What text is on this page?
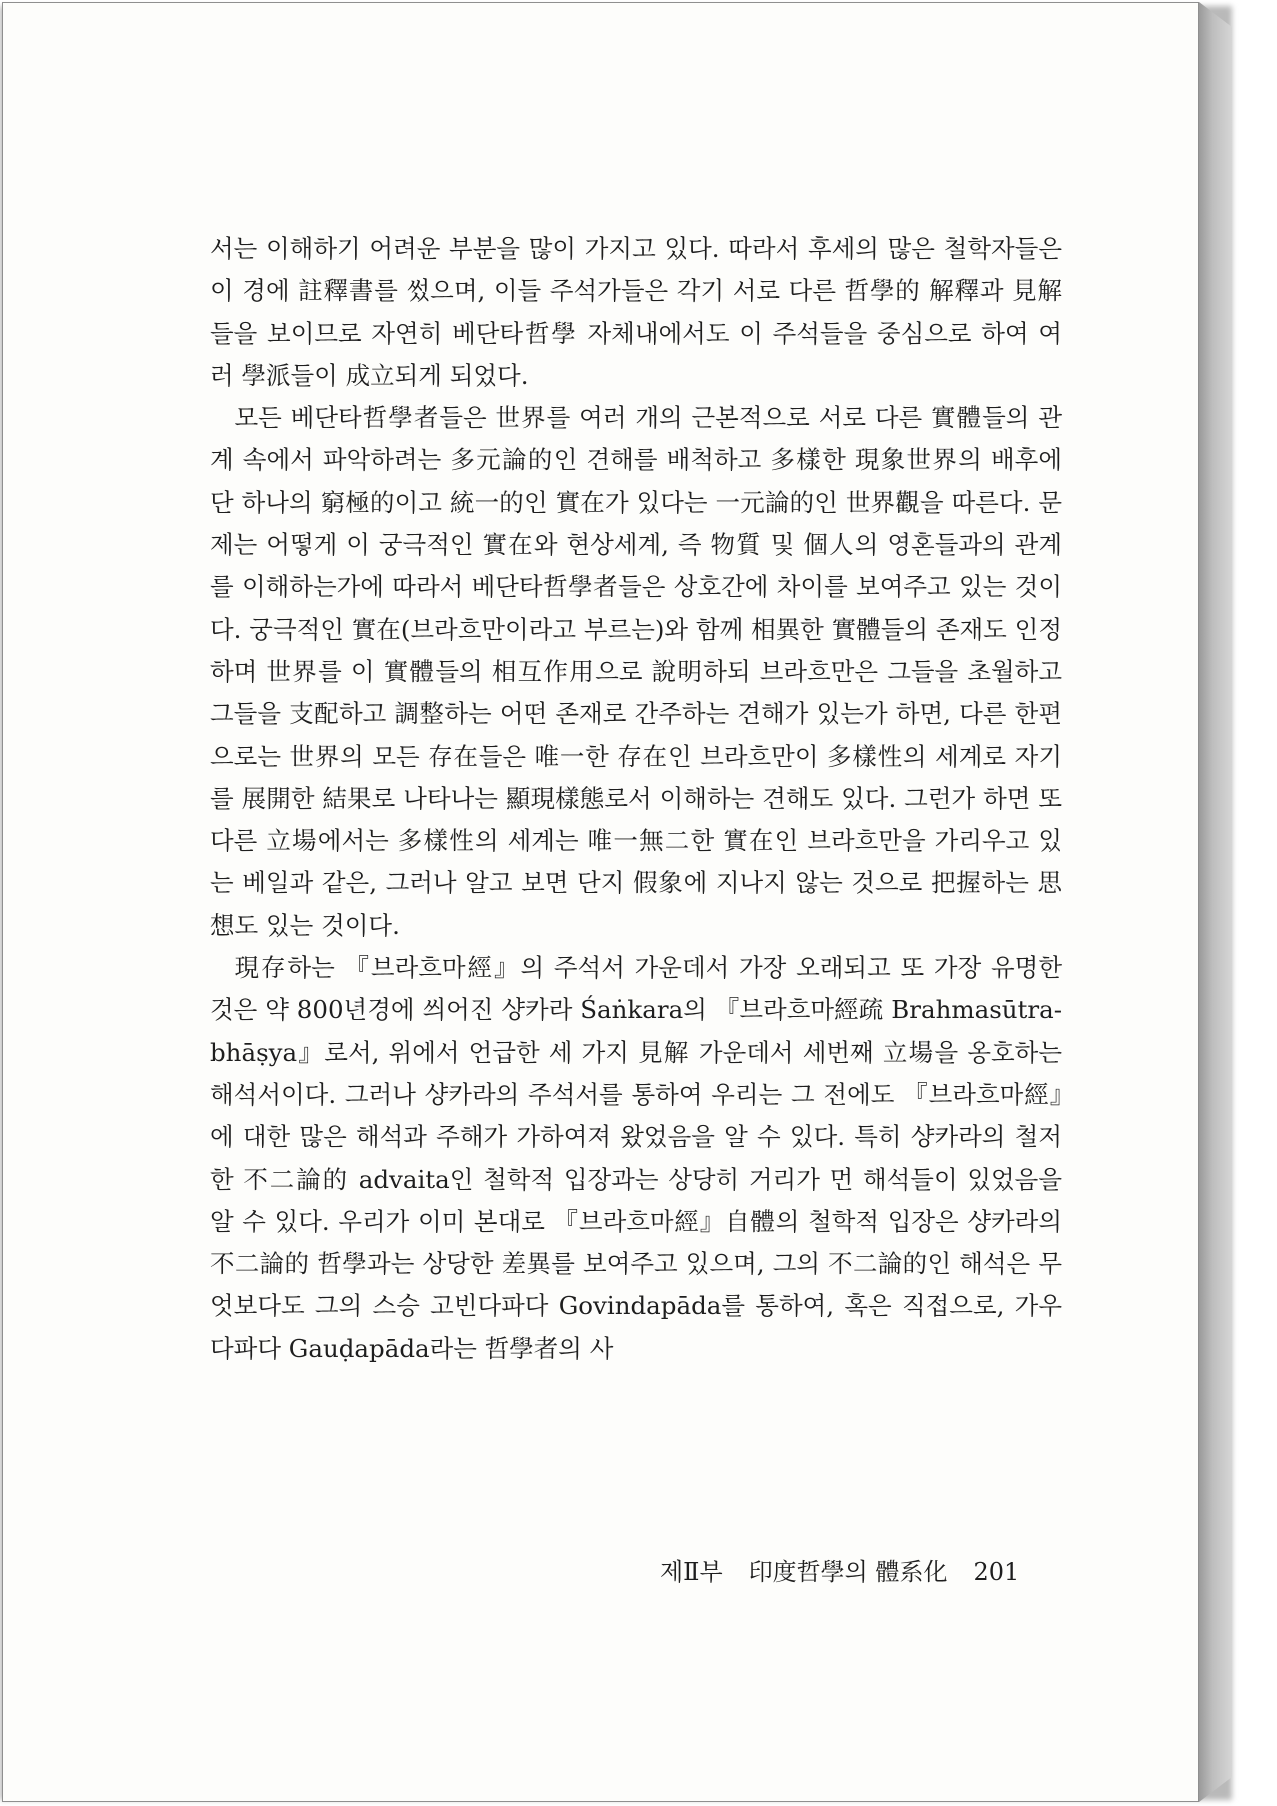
서는 이해하기 어려운 부분을 많이 가지고 있다. 따라서 후세의 많은 철학자들은 이 경에 註釋書를 썼으며, 이들 주석가들은 각기 서로 다른 哲學的 解釋과 見解들을 보이므로 자연히 베단타哲學 자체내에서도 이 주석들을 중심으로 하여 여러 學派들이 成立되게 되었다.

모든 베단타哲學者들은 世界를 여러 개의 근본적으로 서로 다른 實體들의 관계 속에서 파악하려는 多元論的인 견해를 배척하고 多樣한 現象世界의 배후에 단 하나의 窮極的이고 統一的인 實在가 있다는 一元論的인 世界觀을 따른다. 문제는 어떻게 이 궁극적인 實在와 현상세계, 즉 物質 및 個人의 영혼들과의 관계를 이해하는가에 따라서 베단타哲學者들은 상호간에 차이를 보여주고 있는 것이다. 궁극적인 實在(브라흐만이라고 부르는)와 함께 相異한 實體들의 존재도 인정하며 世界를 이 實體들의 相互作用으로 說明하되 브라흐만은 그들을 초월하고 그들을 支配하고 調整하는 어떤 존재로 간주하는 견해가 있는가 하면, 다른 한편으로는 世界의 모든 存在들은 唯一한 存在인 브라흐만이 多樣性의 세계로 자기를 展開한 結果로 나타나는 顯現樣態로서 이해하는 견해도 있다. 그런가 하면 또 다른 立場에서는 多樣性의 세계는 唯一無二한 實在인 브라흐만을 가리우고 있는 베일과 같은, 그러나 알고 보면 단지 假象에 지나지 않는 것으로 把握하는 思想도 있는 것이다.

現存하는 『브라흐마經』의 주석서 가운데서 가장 오래되고 또 가장 유명한 것은 약 800년경에 씌어진 샹카라 Śaṅkara의 『브라흐마經疏 Brahmasūtra-bhāṣya』로서, 위에서 언급한 세 가지 見解 가운데서 세번째 立場을 옹호하는 해석서이다. 그러나 샹카라의 주석서를 통하여 우리는 그 전에도 『브라흐마經』에 대한 많은 해석과 주해가 가하여져 왔었음을 알 수 있다. 특히 샹카라의 철저한 不二論的 advaita인 철학적 입장과는 상당히 거리가 먼 해석들이 있었음을 알 수 있다. 우리가 이미 본대로 『브라흐마經』自體의 철학적 입장은 샹카라의 不二論的 哲學과는 상당한 差異를 보여주고 있으며, 그의 不二論的인 해석은 무엇보다도 그의 스승 고빈다파다 Govindapāda를 통하여, 혹은 직접으로, 가우다파다 Gauḍapāda라는 哲學者의 사

제Ⅱ부 印度哲學의 體系化 201
